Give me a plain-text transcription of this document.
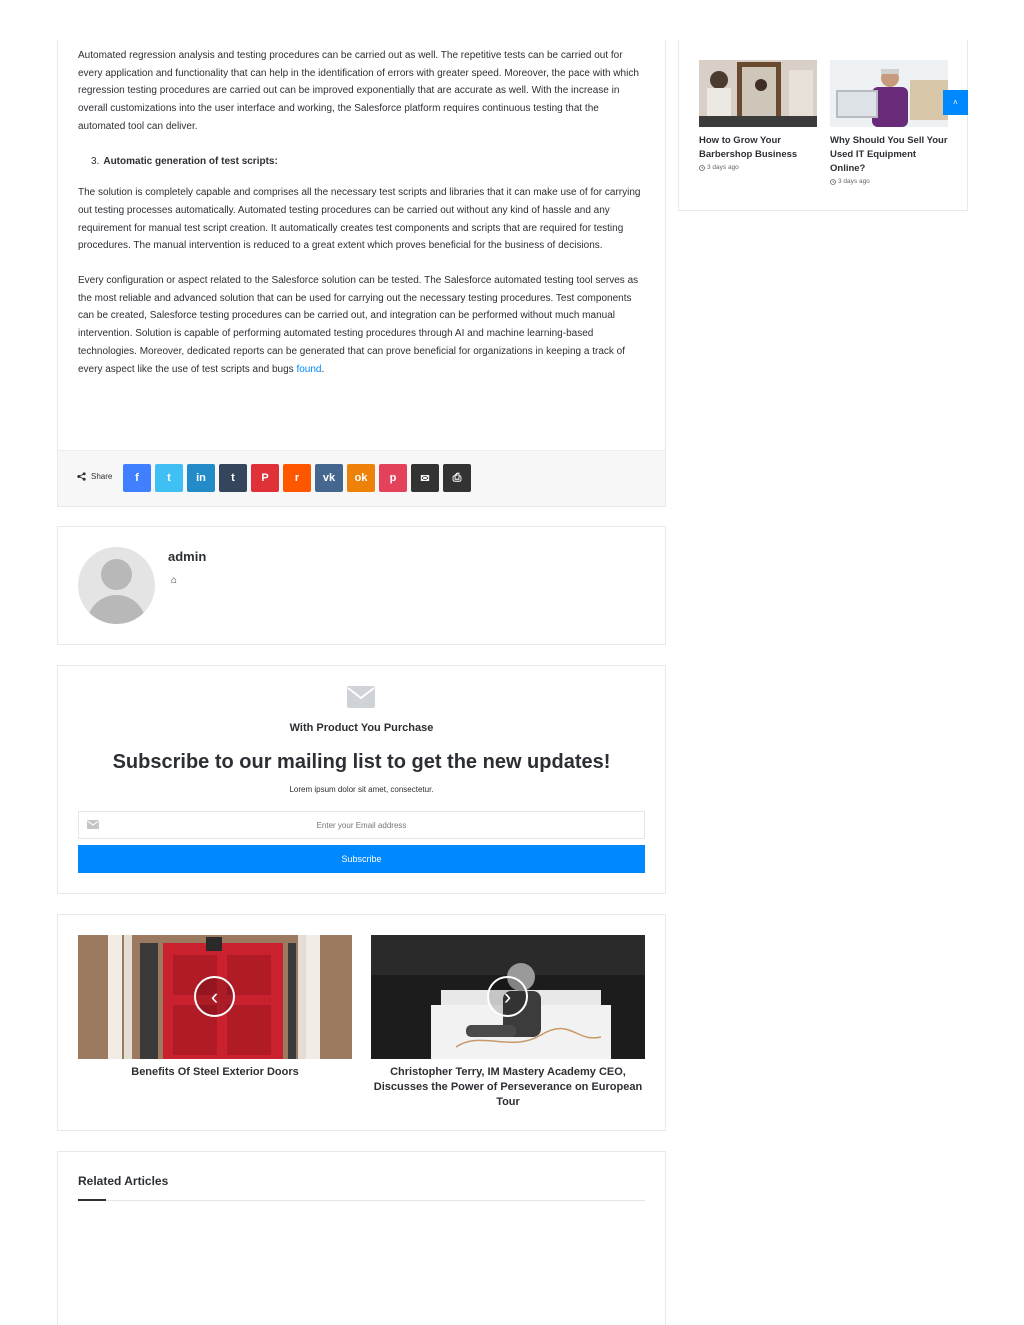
Automated regression analysis and testing procedures can be carried out as well. The repetitive tests can be carried out for every application and functionality that can help in the identification of errors with greater speed. Moreover, the pace with which regression testing procedures are carried out can be improved exponentially that are accurate as well. With the increase in overall customizations into the user interface and working, the Salesforce platform requires continuous testing that the automated tool can deliver.

3. Automatic generation of test scripts:

The solution is completely capable and comprises all the necessary test scripts and libraries that it can make use of for carrying out testing processes automatically. Automated testing procedures can be carried out without any kind of hassle and any requirement for manual test script creation. It automatically creates test components and scripts that are required for testing procedures. The manual intervention is reduced to a great extent which proves beneficial for the business of decisions.

Every configuration or aspect related to the Salesforce solution can be tested. The Salesforce automated testing tool serves as the most reliable and advanced solution that can be used for carrying out the necessary testing procedures. Test components can be created, Salesforce testing procedures can be carried out, and integration can be performed without much manual intervention. Solution is capable of performing automated testing procedures through AI and machine learning-based technologies. Moreover, dedicated reports can be generated that can prove beneficial for organizations in keeping a track of every aspect like the use of test scripts and bugs found.

Share f	t in t P r vk ok p ✉ ⎙
admin
⌂
With Product You Purchase
Subscribe to our mailing list to get the new updates!
Lorem ipsum dolor sit amet, consectetur.
Enter your Email address
Subscribe
‹
Benefits Of Steel Exterior Doors
›
Christopher Terry, IM Mastery Academy CEO, Discusses the Power of Perseverance on European Tour
Related Articles
How to Grow Your Barbershop Business
3 days ago
Why Should You Sell Your Used IT Equipment Online?
3 days ago
˄
